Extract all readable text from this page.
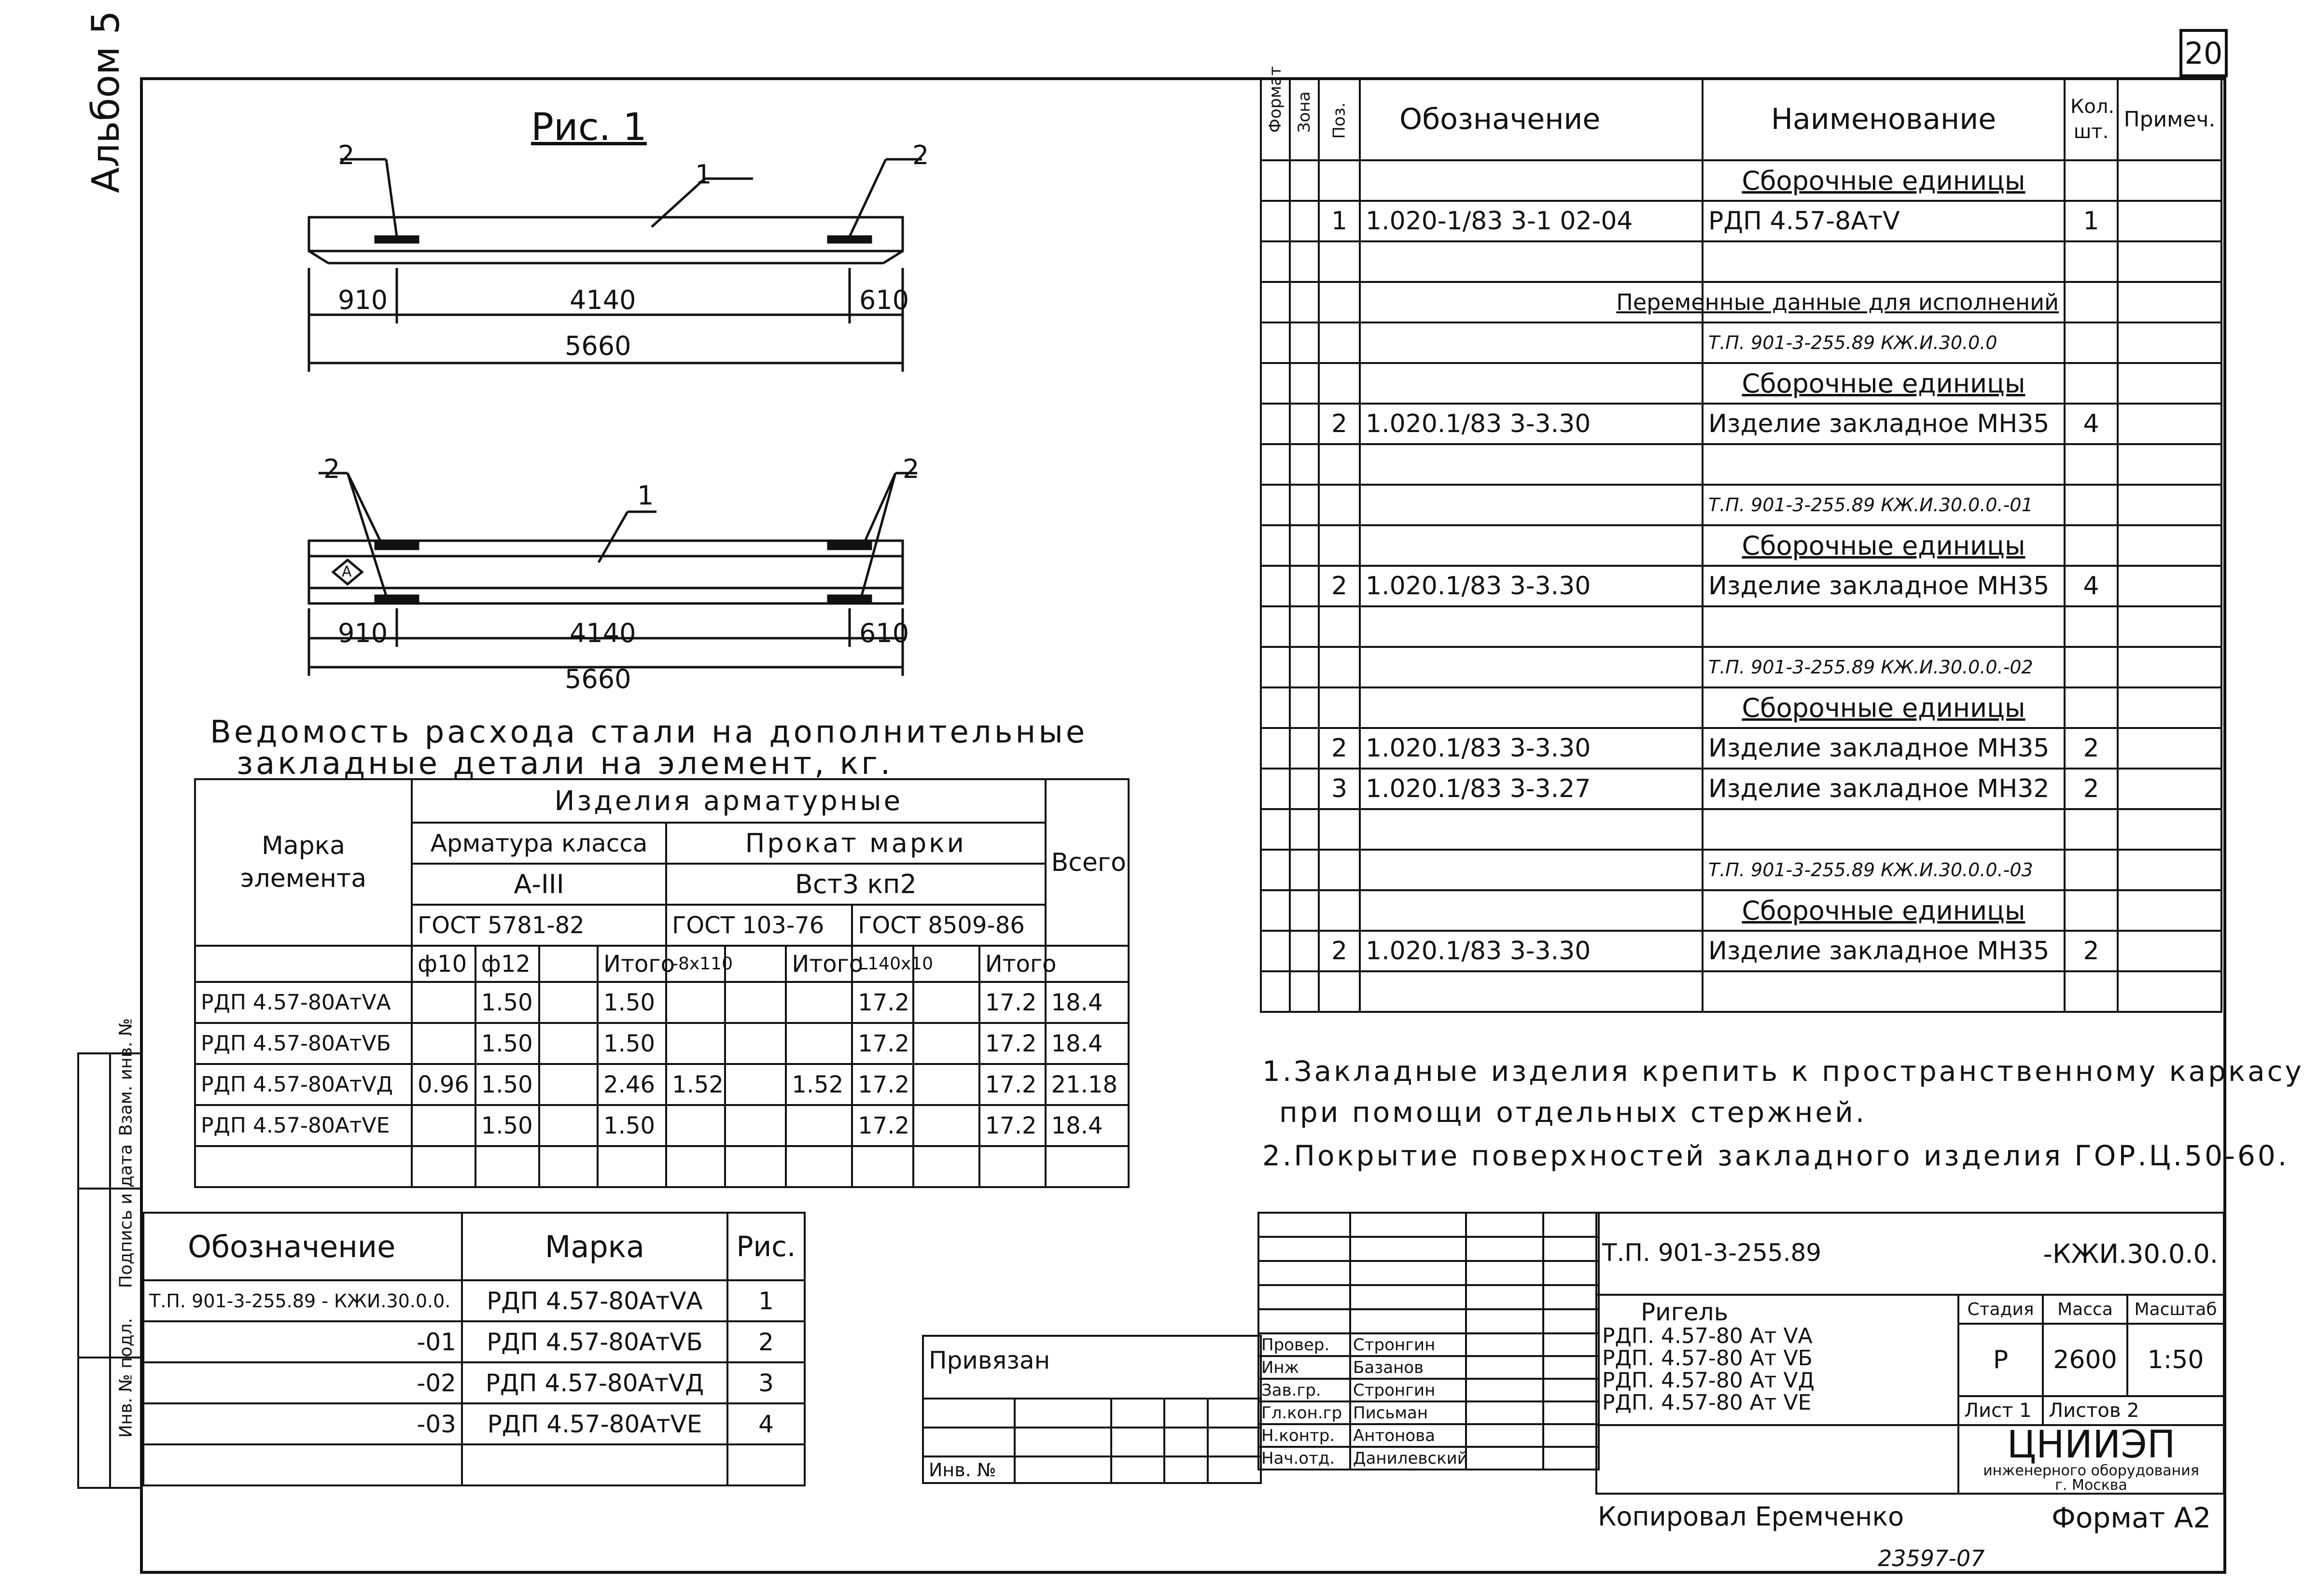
20
Альбом 5	Рис. 1
2	2
1
910	4140	610
5660
2	2
1
А
910	4140	610
5660
Ведомость расхода стали на дополнительные
закладные детали на элемент, кг.
Марка элемента	Изделия арматурные										Всего
	Арматура класса				Прокат марки						
	А-III				Вст3 кп2						
	ГОСТ 5781-82				ГОСТ 103-76			ГОСТ 8509-86			
	ф10	ф12		Итого	-8х110		Итого	L140х10		Итого	
РДП 4.57-80АтVА		1.50		1.50				17.2		17.2	18.4
РДП 4.57-80АтVБ		1.50		1.50				17.2		17.2	18.4
РДП 4.57-80АтVД	0.96	1.50		2.46	1.52		1.52	17.2		17.2	21.18
РДП 4.57-80АтVЕ		1.50		1.50				17.2		17.2	18.4

Формат	Зона	Поз.	Обозначение	Наименование	Кол. шт.	Примеч.
				Сборочные единицы		
		1	1.020-1/83 3-1 02-04	РДП 4.57-8АтV	1	

				Переменные данные для исполнений		
				Т.П. 901-3-255.89 КЖ.И.30.0.0		
				Сборочные единицы		
		2	1.020.1/83 3-3.30	Изделие закладное МН35	4	

				Т.П. 901-3-255.89 КЖ.И.30.0.0.-01		
				Сборочные единицы		
		2	1.020.1/83 3-3.30	Изделие закладное МН35	4	

				Т.П. 901-3-255.89 КЖ.И.30.0.0.-02		
				Сборочные единицы		
		2	1.020.1/83 3-3.30	Изделие закладное МН35	2	
		3	1.020.1/83 3-3.27	Изделие закладное МН32	2	

				Т.П. 901-3-255.89 КЖ.И.30.0.0.-03		
				Сборочные единицы		
		2	1.020.1/83 3-3.30	Изделие закладное МН35	2	

1.Закладные изделия крепить к пространственному каркасу
при помощи отдельных стержней.
2.Покрытие поверхностей закладного изделия ГОР.Ц.50-60.

	Взам. инв. №

	Подпись и дата

	Инв. № подл.
Обозначение	Марка	Рис.
Т.П. 901-3-255.89 - КЖИ.30.0.0.	РДП 4.57-80АтVА	1
-01	РДП 4.57-80АтVБ	2
-02	РДП 4.57-80АтVД	3
-03	РДП 4.57-80АтVЕ	4

Привязан				

Инв. №				

Провер.	Стронгин		
Инж	Базанов		
Зав.гр.	Стронгин		
Гл.кон.гр	Письман		
Н.контр.	Антонова		
Нач.отд.	Данилевский		
Т.П. 901-3-255.89 -КЖИ.30.0.0.			

Ригель
РДП. 4.57-80 Ат VА
РДП. 4.57-80 Ат VБ
РДП. 4.57-80 Ат VД
РДП. 4.57-80 Ат VЕ	Стадия	Масса	Масштаб
	Р	2600	1:50
	Лист 1	Листов 2	

	ЦНИИЭП
инженерного оборудования
г. Москва		
Копировал Еремченко	Формат А2
23597-07
